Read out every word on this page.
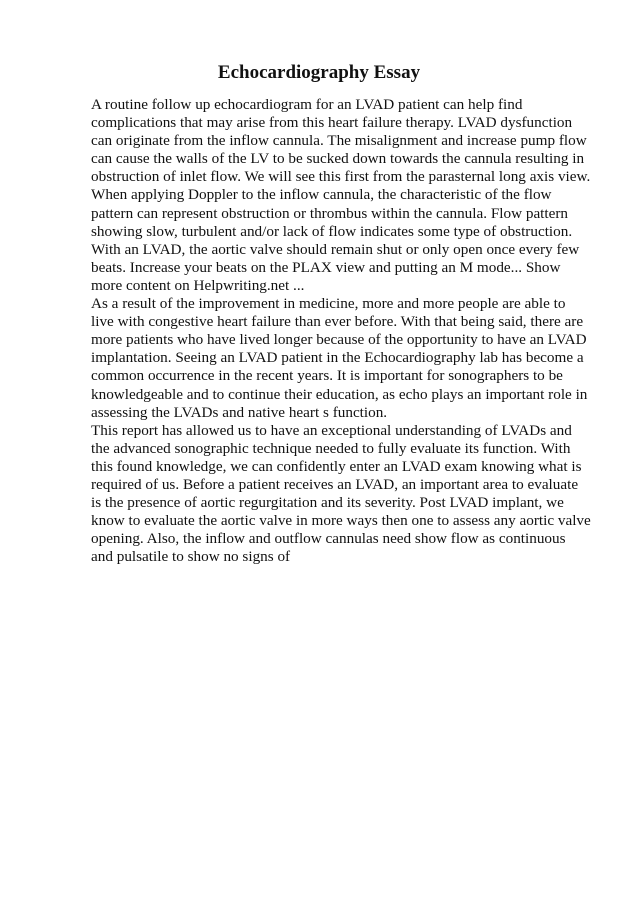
Echocardiography Essay

A routine follow up echocardiogram for an LVAD patient can help find complications that may arise from this heart failure therapy. LVAD dysfunction can originate from the inflow cannula. The misalignment and increase pump flow can cause the walls of the LV to be sucked down towards the cannula resulting in obstruction of inlet flow. We will see this first from the parasternal long axis view. When applying Doppler to the inflow cannula, the characteristic of the flow pattern can represent obstruction or thrombus within the cannula. Flow pattern showing slow, turbulent and/or lack of flow indicates some type of obstruction. With an LVAD, the aortic valve should remain shut or only open once every few beats. Increase your beats on the PLAX view and putting an M mode... Show more content on Helpwriting.net ...

As a result of the improvement in medicine, more and more people are able to live with congestive heart failure than ever before. With that being said, there are more patients who have lived longer because of the opportunity to have an LVAD implantation. Seeing an LVAD patient in the Echocardiography lab has become a common occurrence in the recent years. It is important for sonographers to be knowledgeable and to continue their education, as echo plays an important role in assessing the LVADs and native heart s function.

This report has allowed us to have an exceptional understanding of LVADs and the advanced sonographic technique needed to fully evaluate its function. With this found knowledge, we can confidently enter an LVAD exam knowing what is required of us. Before a patient receives an LVAD, an important area to evaluate is the presence of aortic regurgitation and its severity. Post LVAD implant, we know to evaluate the aortic valve in more ways then one to assess any aortic valve opening. Also, the inflow and outflow cannulas need show flow as continuous and pulsatile to show no signs of
